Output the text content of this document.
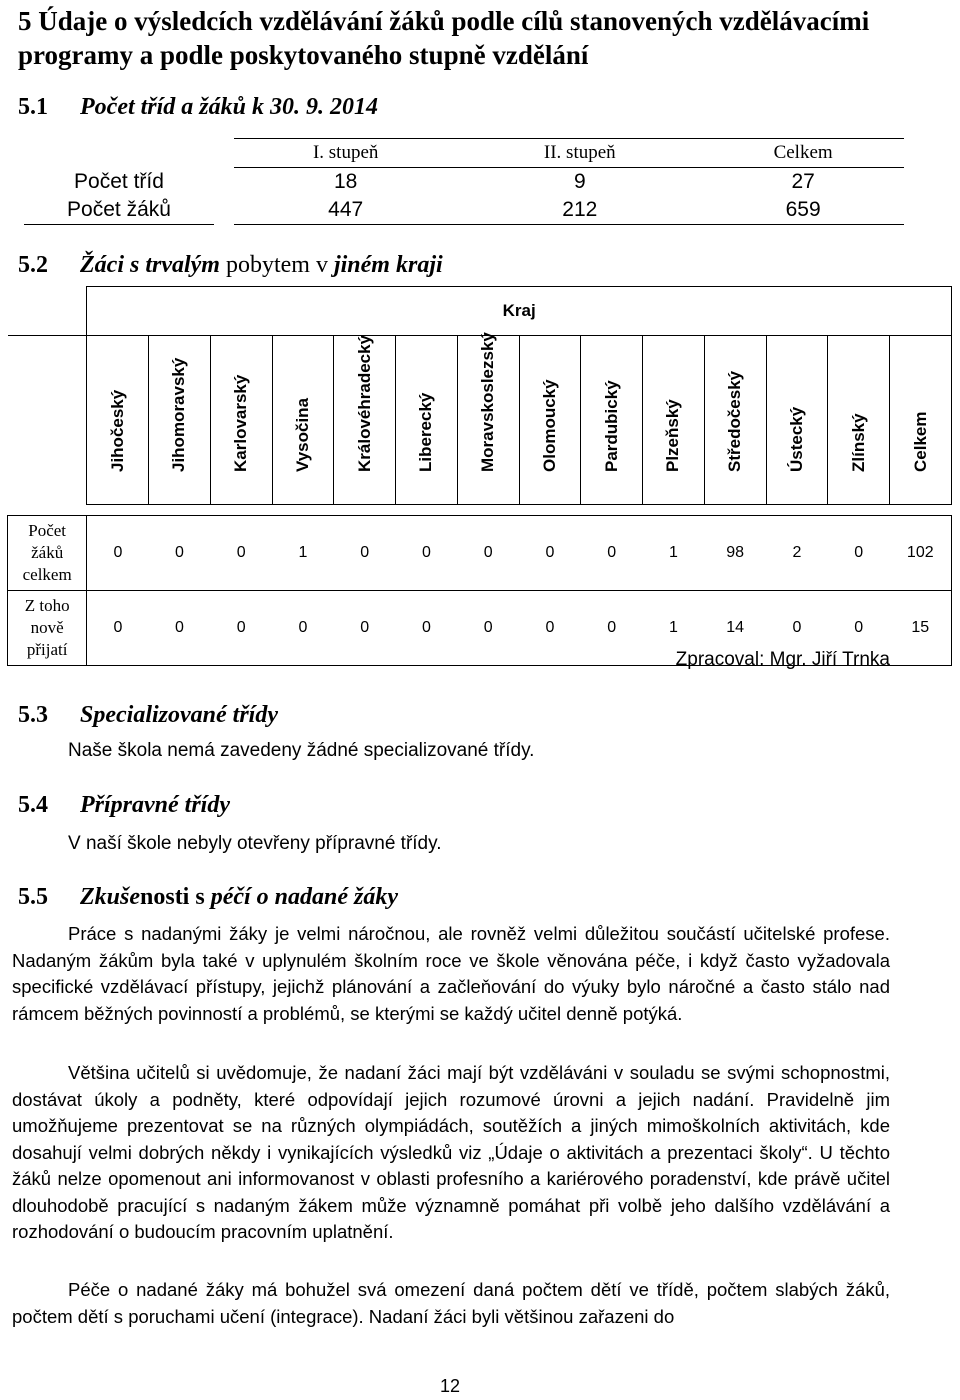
5 Údaje o výsledcích vzdělávání žáků podle cílů stanovených vzdělávacími programy a podle poskytovaného stupně vzdělání
5.1 Počet tříd a žáků k 30. 9. 2014
		I. stupeň	II. stupeň	Celkem
Počet tříd		18	9	27
Počet žáků		447	212	659
5.2 Žáci s trvalým pobytem v jiném kraji
	Kraj													

	Jihočeský	Jihomoravský	Karlovarský	Vysočina	Královéhradecký	Liberecký	Moravskoslezský	Olomoucký	Pardubický	Plzeňský	Středočeský	Ústecký	Zlínský	Celkem

Počet
žáků
celkem	0	0	0	1	0	0	0	0	0	1	98	2	0	102
Z toho
nově
přijatí	0	0	0	0	0	0	0	0	0	1	14	0	0	15
Zpracoval: Mgr. Jiří Trnka
5.3 Specializované třídy
Naše škola nemá zavedeny žádné specializované třídy.
5.4 Přípravné třídy
V naší škole nebyly otevřeny přípravné třídy.
5.5 Zkušenosti s péčí o nadané žáky
Práce s nadanými žáky je velmi náročnou, ale rovněž velmi důležitou součástí učitelské profese. Nadaným žákům byla také v uplynulém školním roce ve škole věnována péče, i když často vyžadovala specifické vzdělávací přístupy, jejichž plánování a začleňování do výuky bylo náročné a často stálo nad rámcem běžných povinností a problémů, se kterými se každý učitel denně potýká.
Většina učitelů si uvědomuje, že nadaní žáci mají být vzděláváni v souladu se svými schopnostmi, dostávat úkoly a podněty, které odpovídají jejich rozumové úrovni a jejich nadání. Pravidelně jim umožňujeme prezentovat se na různých olympiádách, soutěžích a jiných mimoškolních aktivitách, kde dosahují velmi dobrých někdy i vynikajících výsledků viz „Údaje o aktivitách a prezentaci školy“. U těchto žáků nelze opomenout ani informovanost v oblasti profesního a kariérového poradenství, kde právě učitel dlouhodobě pracující s nadaným žákem může významně pomáhat při volbě jeho dalšího vzdělávání a rozhodování o budoucím pracovním uplatnění.
Péče o nadané žáky má bohužel svá omezení daná počtem dětí ve třídě, počtem slabých žáků, počtem dětí s poruchami učení (integrace). Nadaní žáci byli většinou zařazeni do
12
